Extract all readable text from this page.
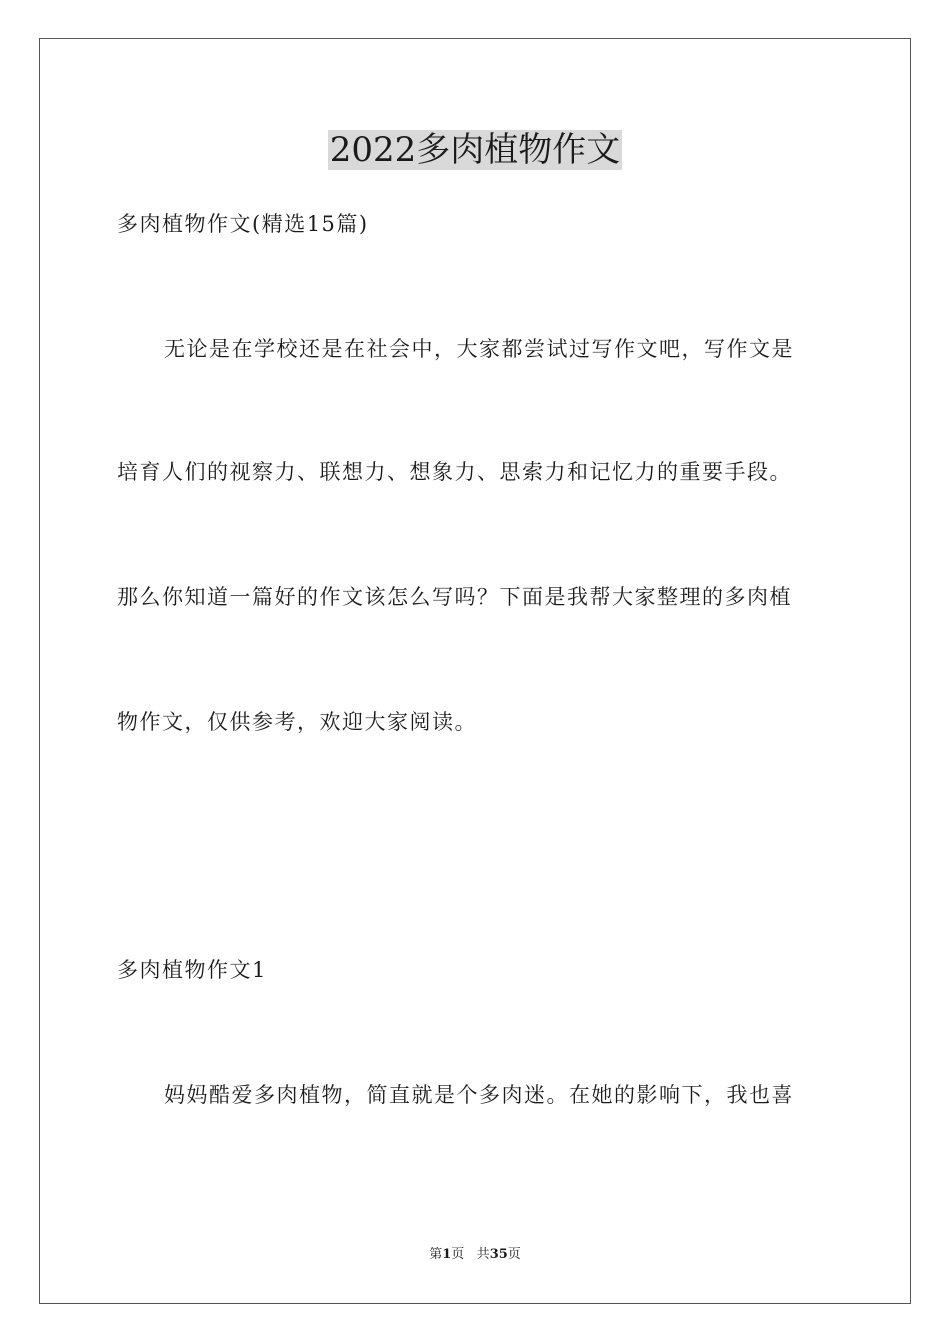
2022多肉植物作文
多肉植物作文(精选15篇)
无论是在学校还是在社会中，大家都尝试过写作文吧，写作文是
培育人们的视察力、联想力、想象力、思索力和记忆力的重要手段。
那么你知道一篇好的作文该怎么写吗？下面是我帮大家整理的多肉植
物作文，仅供参考，欢迎大家阅读。
多肉植物作文1
妈妈酷爱多肉植物，简直就是个多肉迷。在她的影响下，我也喜
第1页 共35页
